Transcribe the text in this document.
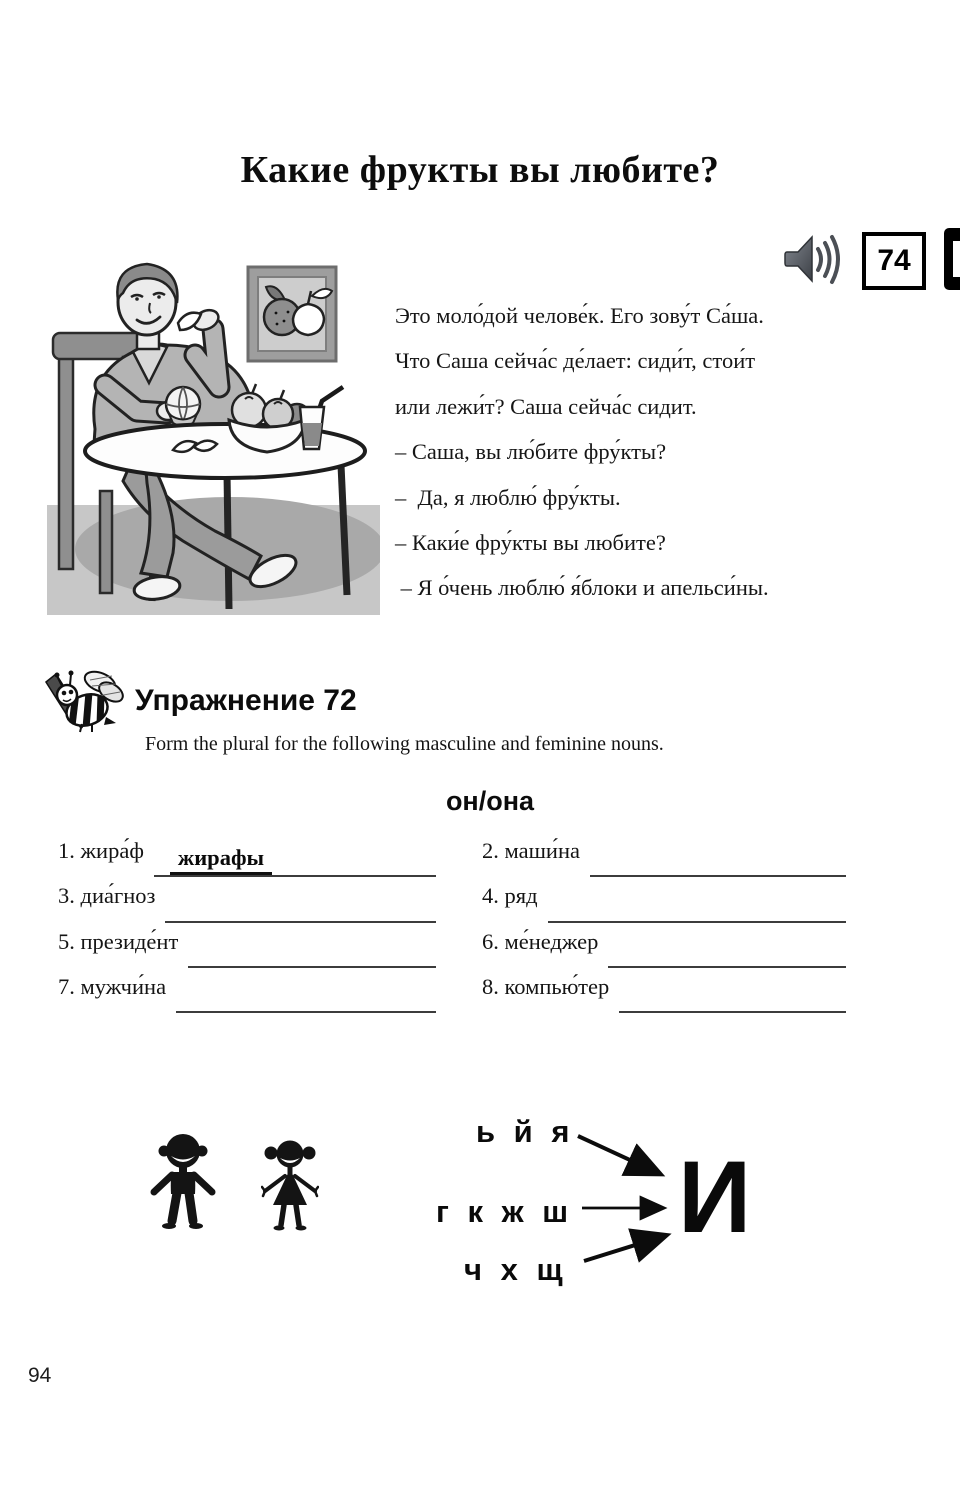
Какие фрукты вы любите?
74
Это моло́дой челове́к. Его зову́т Са́ша.
Что Саша сейча́с де́лает: сиди́т, стои́т
или лежи́т? Саша сейча́с сидит.
– Саша, вы лю́бите фру́кты?
–  Да, я люблю́ фру́кты.
– Каки́е фру́кты вы любите?
– Я о́чень люблю́ я́блоки и апельси́ны.
Упражнение 72
Form the plural for the following masculine and feminine nouns.
он/она
1. жира́ф	жирафы
3. диа́гноз
5. президе́нт
7. мужчи́на
2. маши́на
4. ряд
6. ме́неджер
8. компью́тер
ь й я
г к ж ш
ч х щ
И
94
